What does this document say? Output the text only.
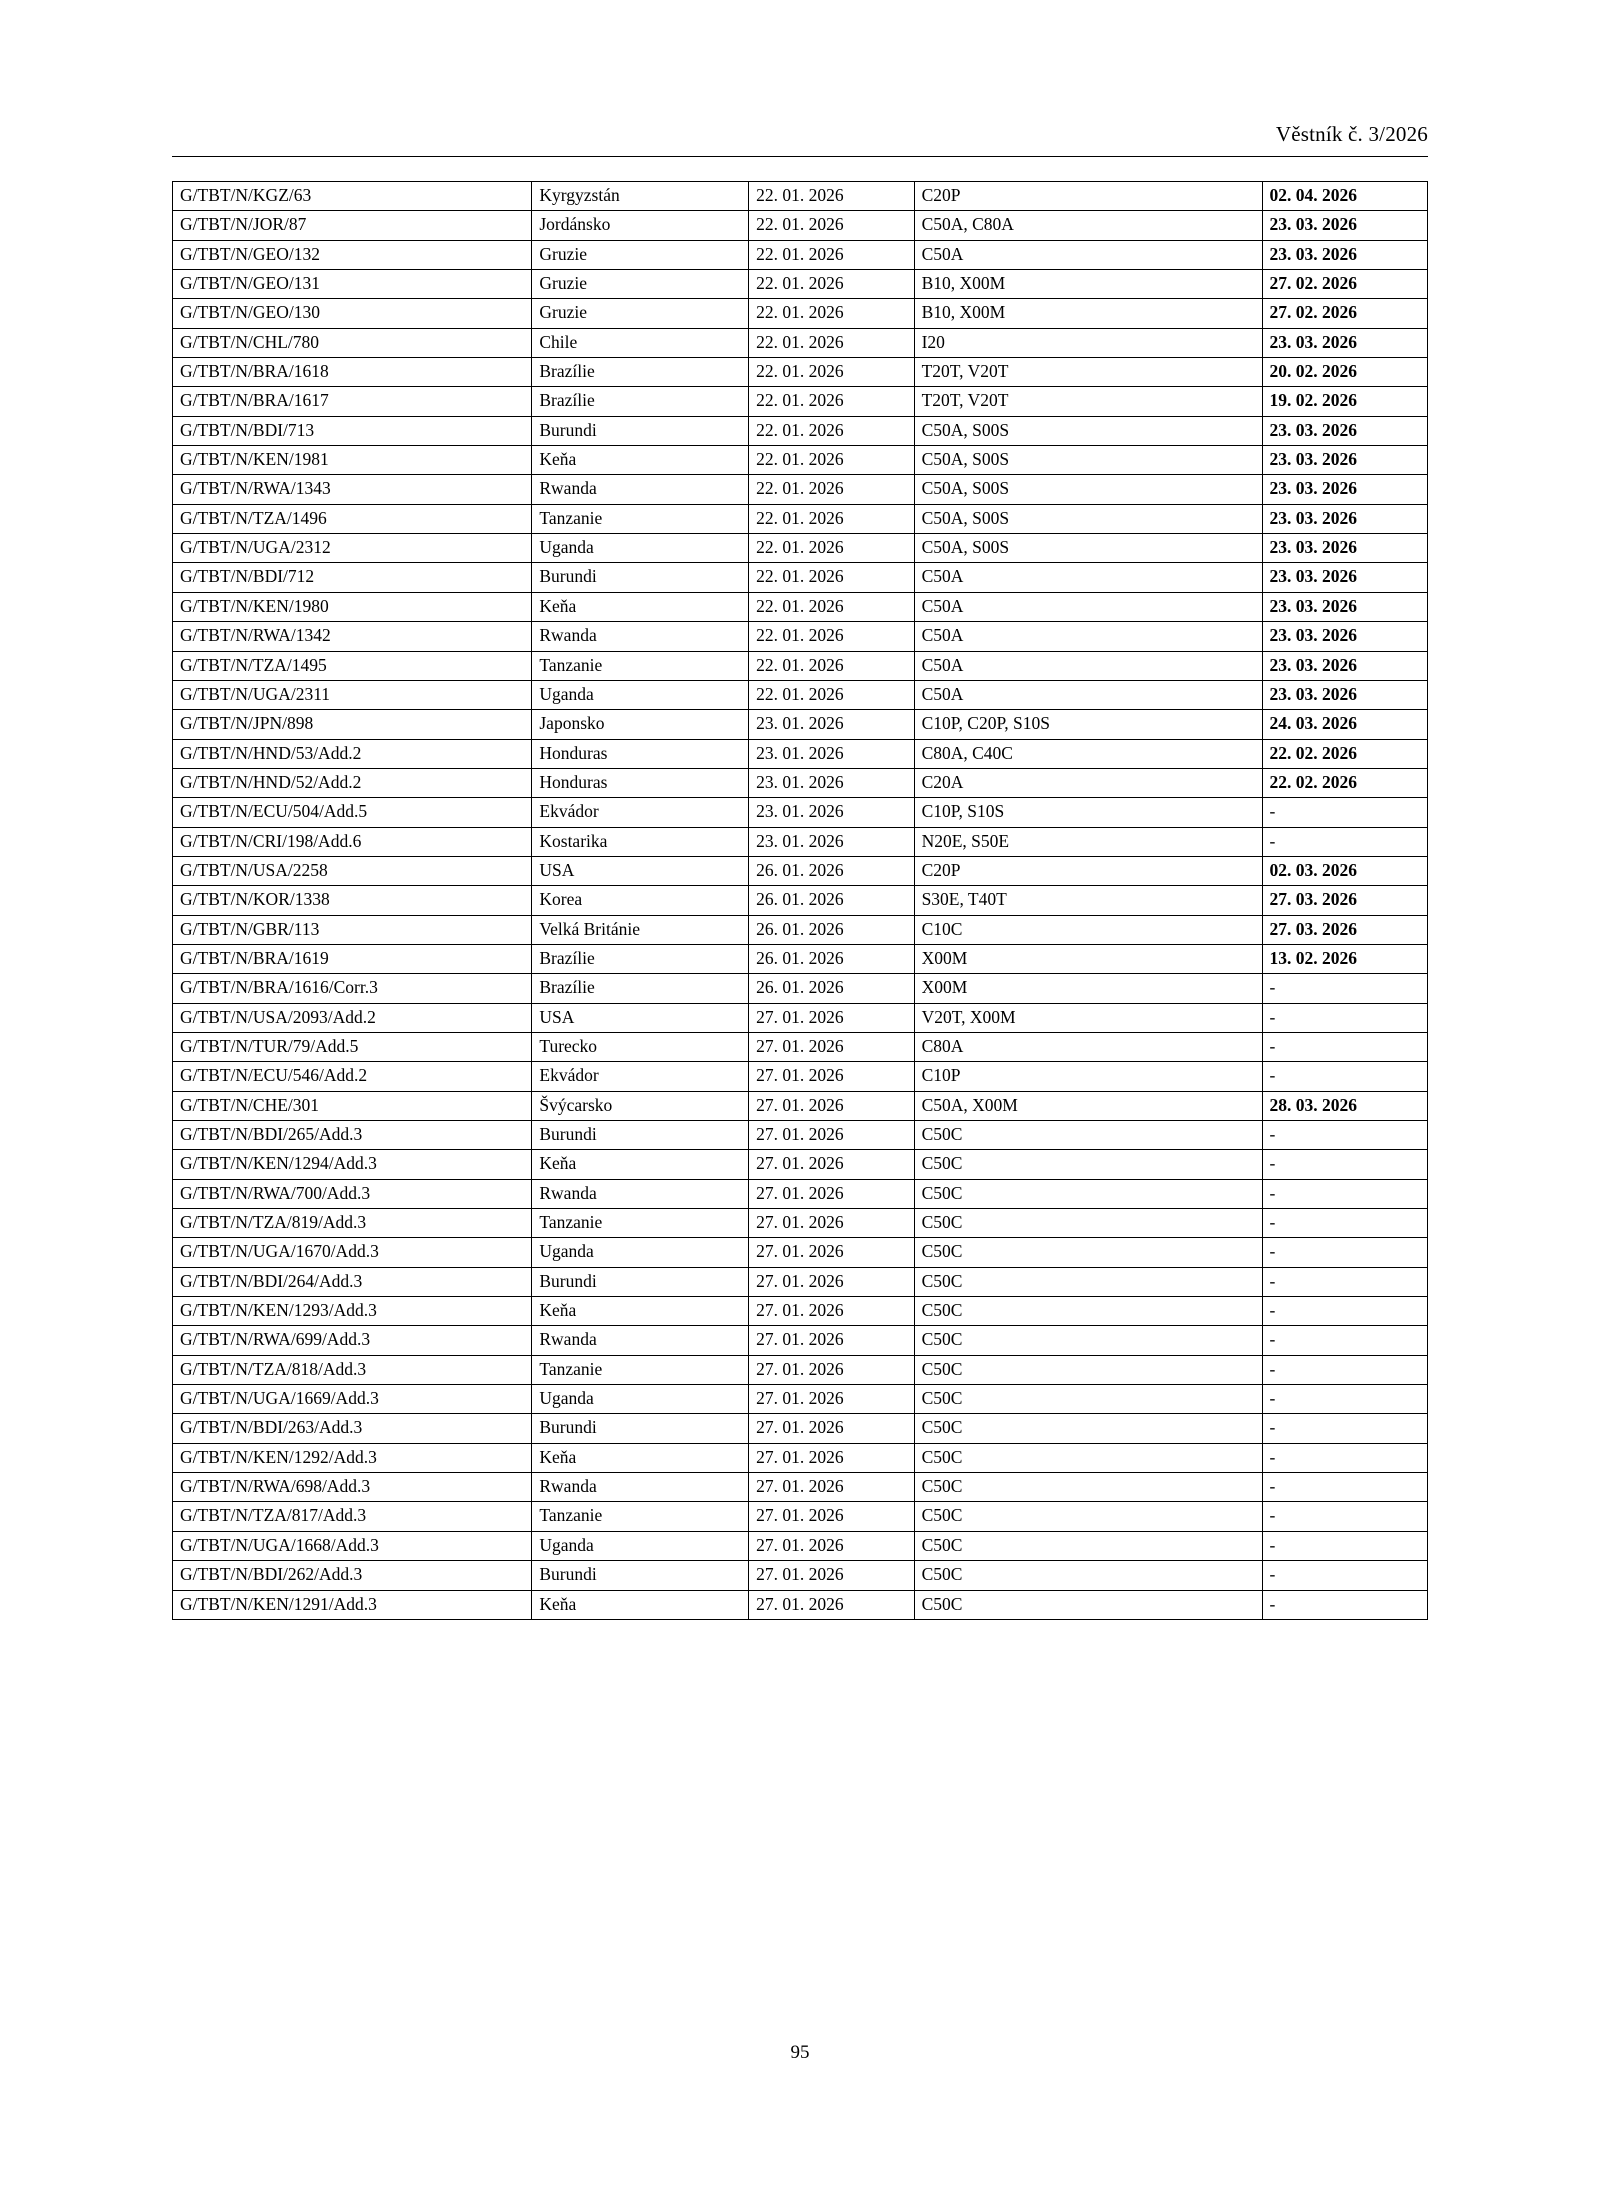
Věstník č. 3/2026
G/TBT/N/KGZ/63	Kyrgyzstán	22. 01. 2026	C20P	02. 04. 2026
G/TBT/N/JOR/87	Jordánsko	22. 01. 2026	C50A, C80A	23. 03. 2026
G/TBT/N/GEO/132	Gruzie	22. 01. 2026	C50A	23. 03. 2026
G/TBT/N/GEO/131	Gruzie	22. 01. 2026	B10, X00M	27. 02. 2026
G/TBT/N/GEO/130	Gruzie	22. 01. 2026	B10, X00M	27. 02. 2026
G/TBT/N/CHL/780	Chile	22. 01. 2026	I20	23. 03. 2026
G/TBT/N/BRA/1618	Brazílie	22. 01. 2026	T20T, V20T	20. 02. 2026
G/TBT/N/BRA/1617	Brazílie	22. 01. 2026	T20T, V20T	19. 02. 2026
G/TBT/N/BDI/713	Burundi	22. 01. 2026	C50A, S00S	23. 03. 2026
G/TBT/N/KEN/1981	Keňa	22. 01. 2026	C50A, S00S	23. 03. 2026
G/TBT/N/RWA/1343	Rwanda	22. 01. 2026	C50A, S00S	23. 03. 2026
G/TBT/N/TZA/1496	Tanzanie	22. 01. 2026	C50A, S00S	23. 03. 2026
G/TBT/N/UGA/2312	Uganda	22. 01. 2026	C50A, S00S	23. 03. 2026
G/TBT/N/BDI/712	Burundi	22. 01. 2026	C50A	23. 03. 2026
G/TBT/N/KEN/1980	Keňa	22. 01. 2026	C50A	23. 03. 2026
G/TBT/N/RWA/1342	Rwanda	22. 01. 2026	C50A	23. 03. 2026
G/TBT/N/TZA/1495	Tanzanie	22. 01. 2026	C50A	23. 03. 2026
G/TBT/N/UGA/2311	Uganda	22. 01. 2026	C50A	23. 03. 2026
G/TBT/N/JPN/898	Japonsko	23. 01. 2026	C10P, C20P, S10S	24. 03. 2026
G/TBT/N/HND/53/Add.2	Honduras	23. 01. 2026	C80A, C40C	22. 02. 2026
G/TBT/N/HND/52/Add.2	Honduras	23. 01. 2026	C20A	22. 02. 2026
G/TBT/N/ECU/504/Add.5	Ekvádor	23. 01. 2026	C10P, S10S	-
G/TBT/N/CRI/198/Add.6	Kostarika	23. 01. 2026	N20E, S50E	-
G/TBT/N/USA/2258	USA	26. 01. 2026	C20P	02. 03. 2026
G/TBT/N/KOR/1338	Korea	26. 01. 2026	S30E, T40T	27. 03. 2026
G/TBT/N/GBR/113	Velká Británie	26. 01. 2026	C10C	27. 03. 2026
G/TBT/N/BRA/1619	Brazílie	26. 01. 2026	X00M	13. 02. 2026
G/TBT/N/BRA/1616/Corr.3	Brazílie	26. 01. 2026	X00M	-
G/TBT/N/USA/2093/Add.2	USA	27. 01. 2026	V20T, X00M	-
G/TBT/N/TUR/79/Add.5	Turecko	27. 01. 2026	C80A	-
G/TBT/N/ECU/546/Add.2	Ekvádor	27. 01. 2026	C10P	-
G/TBT/N/CHE/301	Švýcarsko	27. 01. 2026	C50A, X00M	28. 03. 2026
G/TBT/N/BDI/265/Add.3	Burundi	27. 01. 2026	C50C	-
G/TBT/N/KEN/1294/Add.3	Keňa	27. 01. 2026	C50C	-
G/TBT/N/RWA/700/Add.3	Rwanda	27. 01. 2026	C50C	-
G/TBT/N/TZA/819/Add.3	Tanzanie	27. 01. 2026	C50C	-
G/TBT/N/UGA/1670/Add.3	Uganda	27. 01. 2026	C50C	-
G/TBT/N/BDI/264/Add.3	Burundi	27. 01. 2026	C50C	-
G/TBT/N/KEN/1293/Add.3	Keňa	27. 01. 2026	C50C	-
G/TBT/N/RWA/699/Add.3	Rwanda	27. 01. 2026	C50C	-
G/TBT/N/TZA/818/Add.3	Tanzanie	27. 01. 2026	C50C	-
G/TBT/N/UGA/1669/Add.3	Uganda	27. 01. 2026	C50C	-
G/TBT/N/BDI/263/Add.3	Burundi	27. 01. 2026	C50C	-
G/TBT/N/KEN/1292/Add.3	Keňa	27. 01. 2026	C50C	-
G/TBT/N/RWA/698/Add.3	Rwanda	27. 01. 2026	C50C	-
G/TBT/N/TZA/817/Add.3	Tanzanie	27. 01. 2026	C50C	-
G/TBT/N/UGA/1668/Add.3	Uganda	27. 01. 2026	C50C	-
G/TBT/N/BDI/262/Add.3	Burundi	27. 01. 2026	C50C	-
G/TBT/N/KEN/1291/Add.3	Keňa	27. 01. 2026	C50C	-
95
